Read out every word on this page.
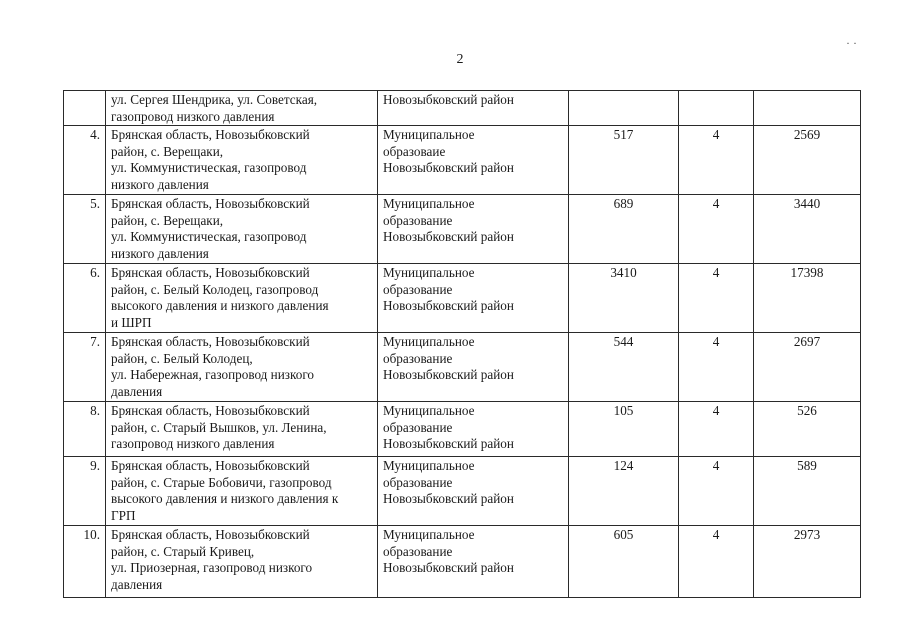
2
· ·
	ул. Сергея Шендрика, ул. Советская,
газопровод низкого давления	Новозыбковский район			
4.	Брянская область, Новозыбковский
район, с. Верещаки,
ул. Коммунистическая, газопровод
низкого давления	Муниципальное
образоваие
Новозыбковский район	517	4	2569
5.	Брянская область, Новозыбковский
район, с. Верещаки,
ул. Коммунистическая, газопровод
низкого давления	Муниципальное
образование
Новозыбковский район	689	4	3440
6.	Брянская область, Новозыбковский
район, с. Белый Колодец, газопровод
высокого давления и низкого давления
и ШРП	Муниципальное
образование
Новозыбковский район	3410	4	17398
7.	Брянская область, Новозыбковский
район, с. Белый Колодец,
ул. Набережная, газопровод низкого
давления	Муниципальное
образование
Новозыбковский район	544	4	2697
8.	Брянская область, Новозыбковский
район, с. Старый Вышков, ул. Ленина,
газопровод низкого давления	Муниципальное
образование
Новозыбковский район	105	4	526
9.	Брянская область, Новозыбковский
район, с. Старые Бобовичи, газопровод
высокого давления и низкого давления к
ГРП	Муниципальное
образование
Новозыбковский район	124	4	589
10.	Брянская область, Новозыбковский
район, с. Старый Кривец,
ул. Приозерная, газопровод низкого
давления	Муниципальное
образование
Новозыбковский район	605	4	2973
